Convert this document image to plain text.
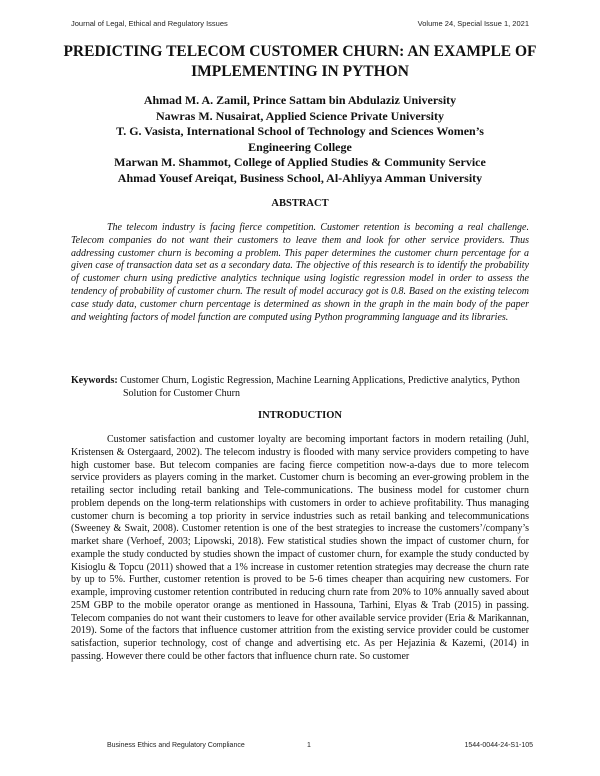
Journal of Legal, Ethical and Regulatory Issues	Volume 24, Special Issue 1, 2021
PREDICTING TELECOM CUSTOMER CHURN: AN EXAMPLE OF IMPLEMENTING IN PYTHON
Ahmad M. A. Zamil, Prince Sattam bin Abdulaziz University
Nawras M. Nusairat, Applied Science Private University
T. G. Vasista, International School of Technology and Sciences Women’s Engineering College
Marwan M. Shammot, College of Applied Studies & Community Service
Ahmad Yousef Areiqat, Business School, Al-Ahliyya Amman University
ABSTRACT

The telecom industry is facing fierce competition. Customer retention is becoming a real challenge. Telecom companies do not want their customers to leave them and look for other service providers. Thus addressing customer churn is becoming a problem. This paper determines the customer churn percentage for a given case of transaction data set as a secondary data. The objective of this research is to identify the probability of customer churn using predictive analytics technique using logistic regression model in order to assess the tendency of probability of customer churn. The result of model accuracy got is 0.8. Based on the existing telecom case study data, customer churn percentage is determined as shown in the graph in the main body of the paper and weighting factors of model function are computed using Python programming language and its libraries.

Keywords: Customer Churn, Logistic Regression, Machine Learning Applications, Predictive analytics, Python Solution for Customer Churn
INTRODUCTION

Customer satisfaction and customer loyalty are becoming important factors in modern retailing (Juhl, Kristensen & Ostergaard, 2002). The telecom industry is flooded with many service providers competing to have high customer base. But telecom companies are facing fierce competition now-a-days due to more telecom service providers as players coming in the market. Customer churn is becoming an ever-growing problem in the retailing sector including retail banking and Tele-communications. The business model for customer churn problem depends on the long-term relationships with customers in order to achieve profitability. Thus managing customer churn is becoming a top priority in service industries such as retail banking and telecommunications (Sweeney & Swait, 2008). Customer retention is one of the best strategies to increase the customers’/company’s market share (Verhoef, 2003; Lipowski, 2018). Few statistical studies shown the impact of customer churn, for example the study conducted by studies shown the impact of customer churn, for example the study conducted by Kisioglu & Topcu (2011) showed that a 1% increase in customer retention strategies may decrease the churn rate by up to 5%. Further, customer retention is proved to be 5-6 times cheaper than acquiring new customers. For example, improving customer retention contributed in reducing churn rate from 20% to 10% annually saved about 25M GBP to the mobile operator orange as mentioned in Hassouna, Tarhini, Elyas & Trab (2015) in passing. Telecom companies do not want their customers to leave for other available service provider (Eria & Marikannan, 2019). Some of the factors that influence customer attrition from the existing service provider could be customer satisfaction, superior technology, cost of change and advertising etc. As per Hejazinia & Kazemi, (2014) in passing. However there could be other factors that influence churn rate. So customer

Business Ethics and Regulatory Compliance	1	1544-0044-24-S1-105
